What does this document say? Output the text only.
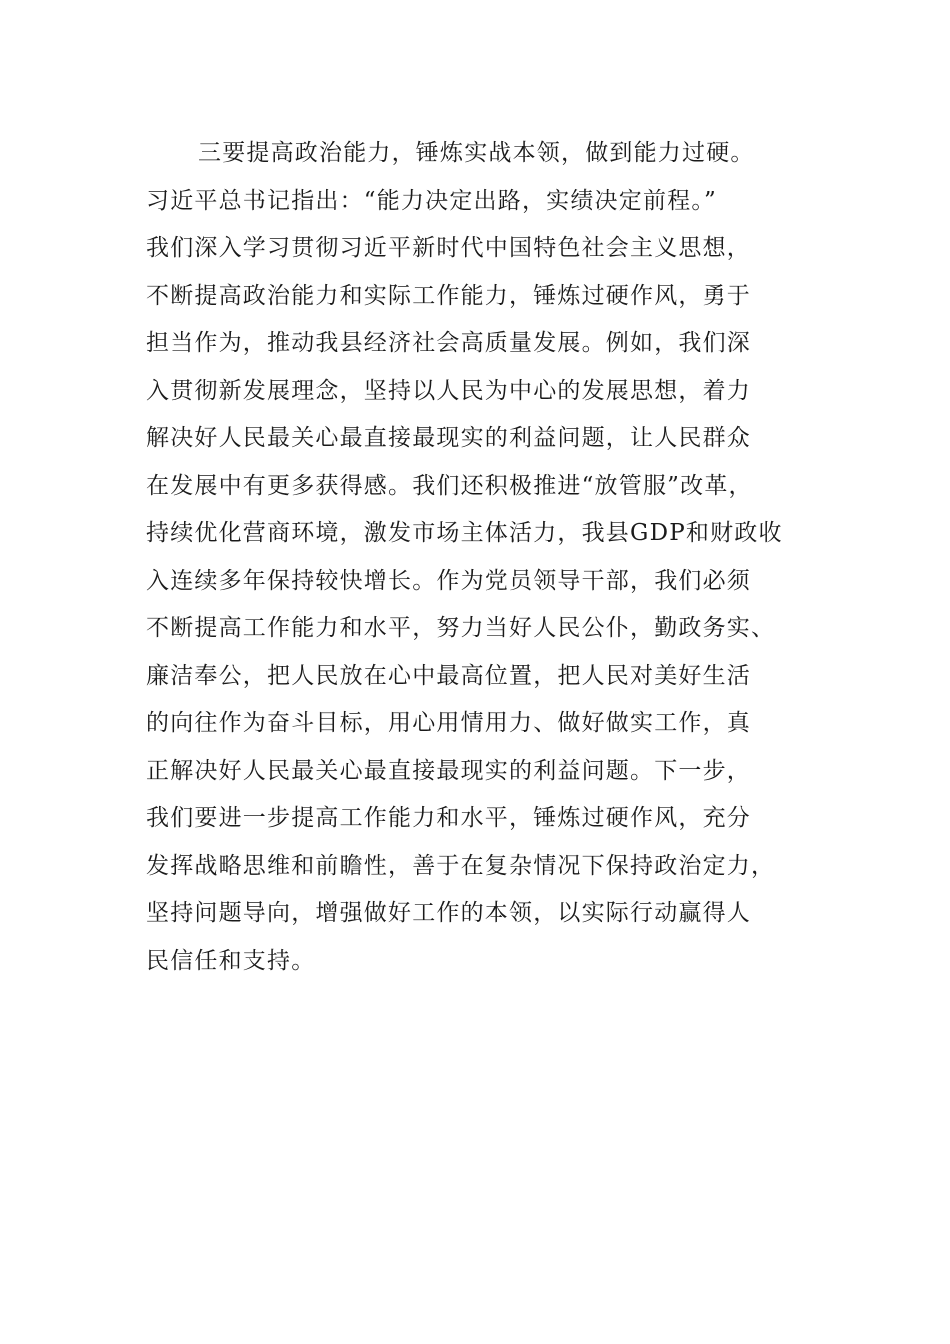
三要提高政治能力，锤炼实战本领，做到能力过硬。
习近平总书记指出：“能力决定出路，实绩决定前程。”
我们深入学习贯彻习近平新时代中国特色社会主义思想，
不断提高政治能力和实际工作能力，锤炼过硬作风，勇于
担当作为，推动我县经济社会高质量发展。例如，我们深
入贯彻新发展理念，坚持以人民为中心的发展思想，着力
解决好人民最关心最直接最现实的利益问题，让人民群众
在发展中有更多获得感。我们还积极推进“放管服”改革，
持续优化营商环境，激发市场主体活力，我县GDP和财政收
入连续多年保持较快增长。作为党员领导干部，我们必须
不断提高工作能力和水平，努力当好人民公仆，勤政务实、
廉洁奉公，把人民放在心中最高位置，把人民对美好生活
的向往作为奋斗目标，用心用情用力、做好做实工作，真
正解决好人民最关心最直接最现实的利益问题。下一步，
我们要进一步提高工作能力和水平，锤炼过硬作风，充分
发挥战略思维和前瞻性，善于在复杂情况下保持政治定力，
坚持问题导向，增强做好工作的本领，以实际行动赢得人
民信任和支持。
